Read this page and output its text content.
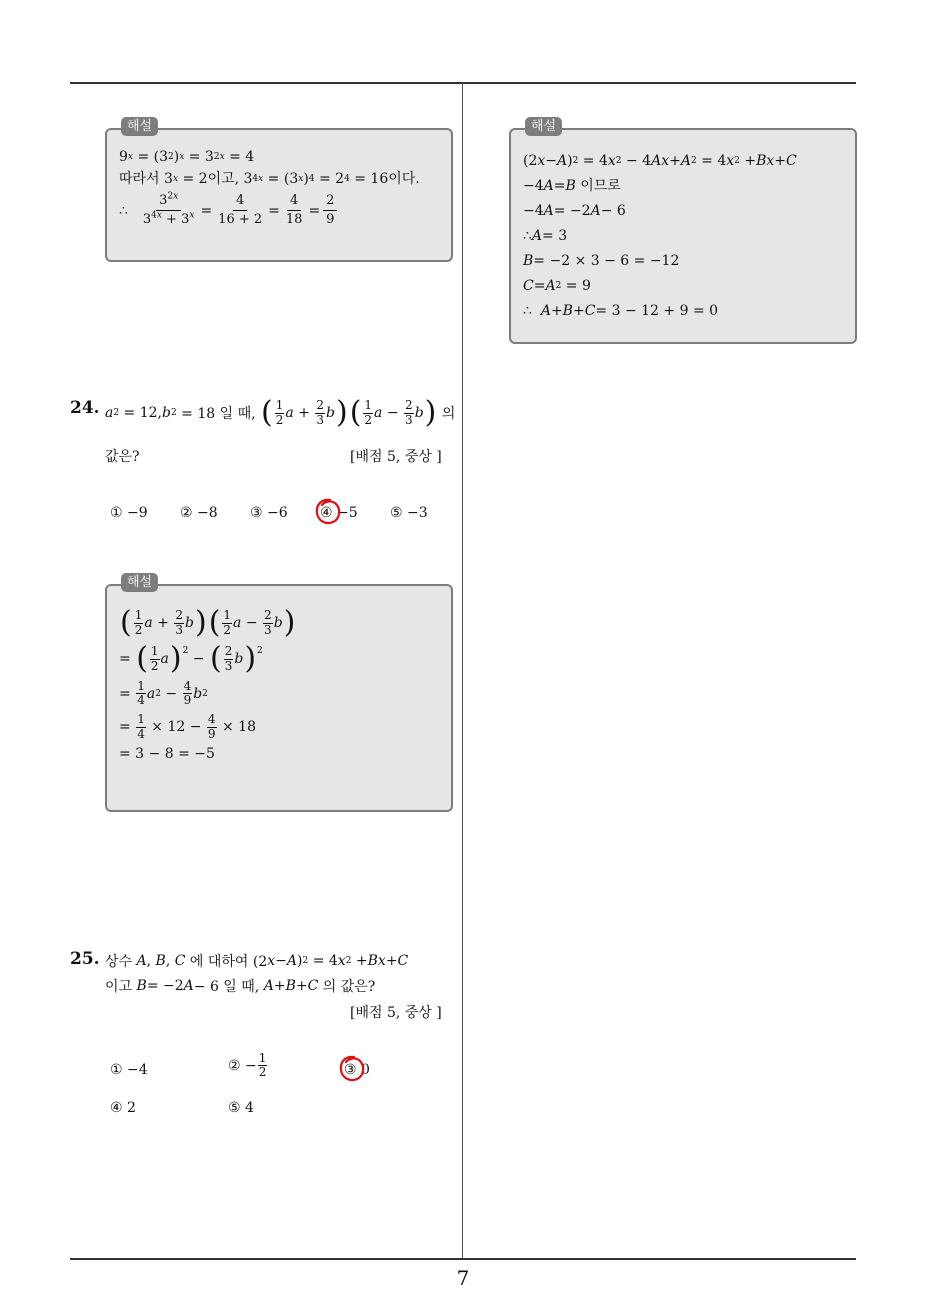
해설
9 x = (3 2 ) x = 3 2x = 4
따라서 3 x = 2 이고, 3 4x = (3 x ) 4 = 2 4 = 16 이다.
∴
$\frac{3^{2x}}{3^{4x} + 3^x} = \frac{4}{16 + 2} = \frac{4}{18} = \frac{2}{9}$
해설
(2 x − A ) 2 = 4 x 2 − 4 Ax + A 2 = 4 x 2 + Bx + C
−4 A = B 이므로
−4 A = −2 A − 6
∴ A = 3
B = −2 × 3 − 6 = −12
C = A 2 = 9
∴ A + B + C = 3 − 12 + 9 = 0
24. a 2 = 12, b 2 = 18 일 때, ( 1
2 a + 2
3 b ) ( 1
2 a − 2
3 b )
의
값은?	[배점 5, 중상 ]
① −9 ② −8 ③ −6 ④ −5 ⑤ −3
해설
( 1
2 a + 2
3 b ) ( 1
2 a − 2
3 b )
=
( 1
2 a )$^2$ − ( 2
3 b )$^2$
=
$\frac{1}{4}$ a 2 − 4
9 b 2
=
$\frac{1}{4} \times 12 - 4$
9 × 18
= 3 − 8 = −5
25. 상수 A , B , C 에 대하여 (2 x − A ) 2 = 4 x 2 + Bx + C
이고 B = −2 A − 6 일 때, A + B + C 의 값은?
[배점 5, 중상 ]
① −4	② − $\frac{1}{2}$	③ 0
④ 2	⑤ 4
7
